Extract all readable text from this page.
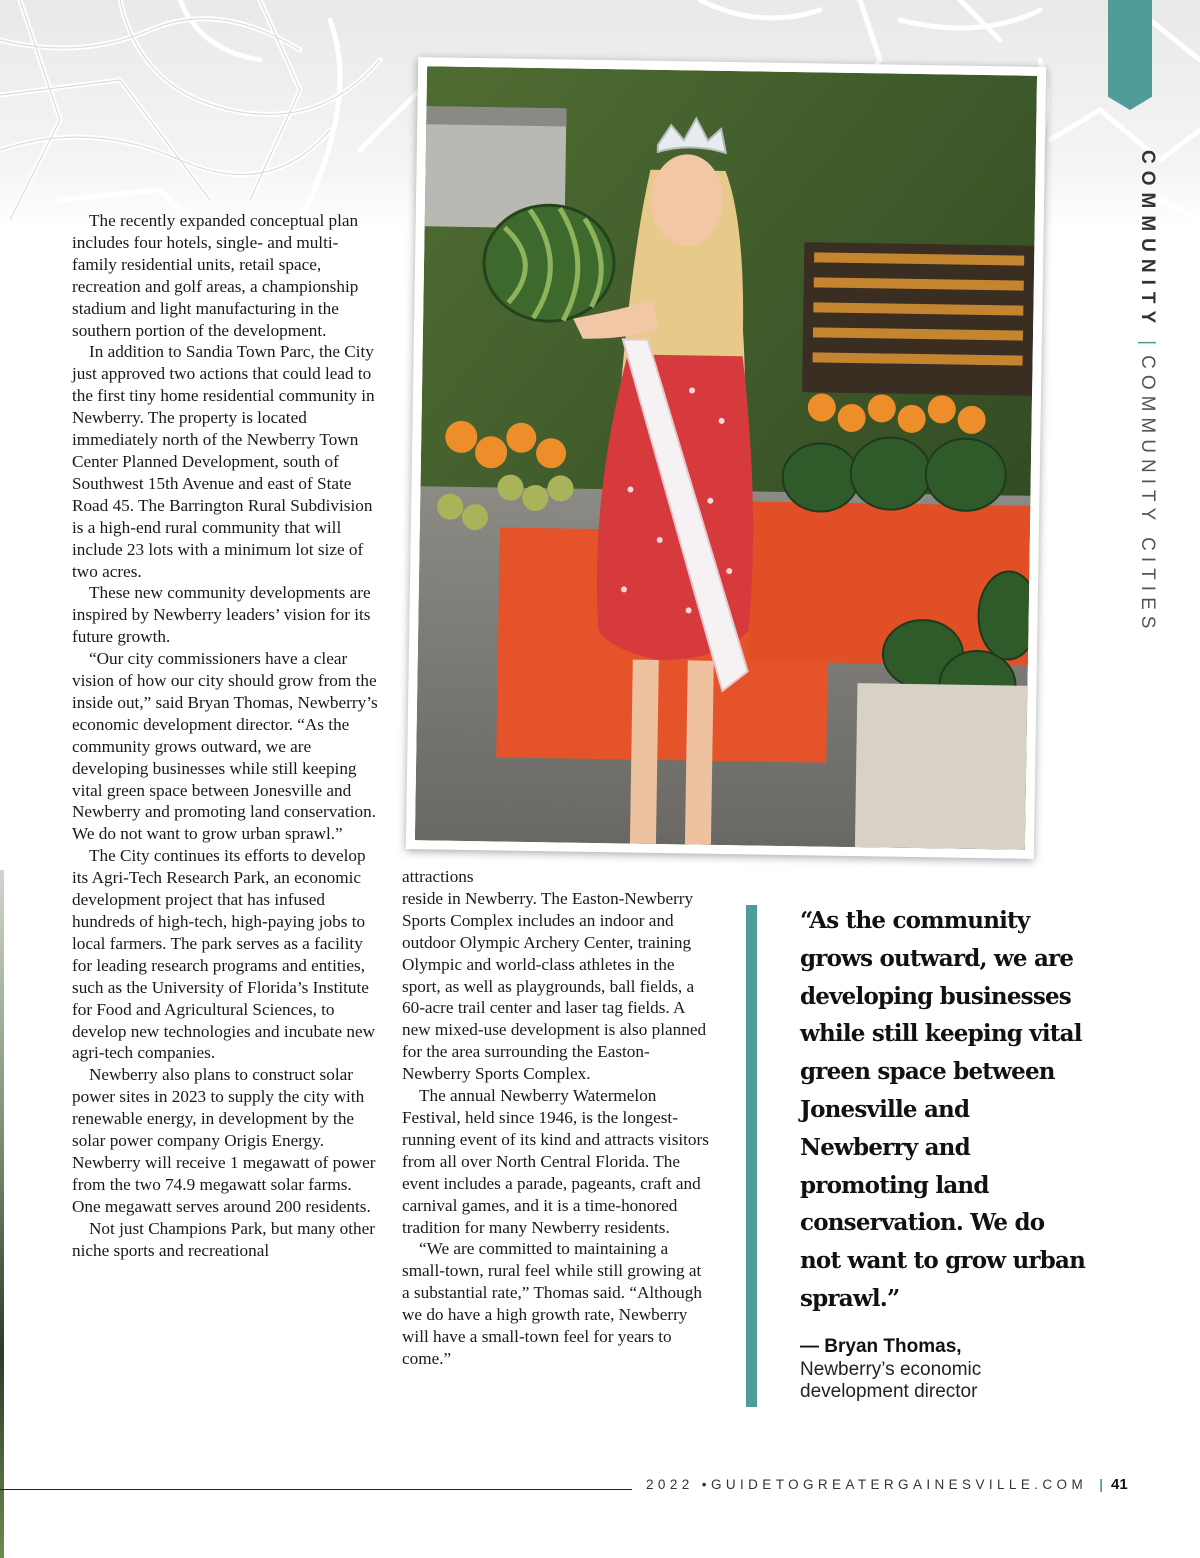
COMMUNITY
|
COMMUNITY CITIES

The recently expanded conceptual plan includes four hotels, single- and multi- family residential units, retail space, recreation and golf areas, a championship stadium and light manufacturing in the southern portion of the development.

In addition to Sandia Town Parc, the City just approved two actions that could lead to the first tiny home residential community in Newberry. The property is located immediately north of the Newberry Town Center Planned Development, south of Southwest 15th Avenue and east of State Road 45. The Barrington Rural Subdivision is a high-end rural community that will include 23 lots with a minimum lot size of two acres.

These new community developments are inspired by Newberry leaders’ vision for its future growth.

“Our city commissioners have a clear vision of how our city should grow from the inside out,” said Bryan Thomas, Newberry’s economic development director. “As the community grows outward, we are developing businesses while still keeping vital green space between Jonesville and Newberry and promoting land conservation. We do not want to grow urban sprawl.”

The City continues its efforts to develop its Agri-Tech Research Park, an economic development project that has infused hundreds of high-tech, high-paying jobs to local farmers. The park serves as a facility for leading research programs and entities, such as the University of Florida’s Institute for Food and Agricultural Sciences, to develop new technologies and incubate new agri-tech companies.

Newberry also plans to construct solar power sites in 2023 to supply the city with renewable energy, in development by the solar power company Origis Energy. Newberry will receive 1 megawatt of power from the two 74.9 megawatt solar farms. One megawatt serves around 200 residents.

Not just Champions Park, but many other niche sports and recreational

attractions

reside in Newberry. The Easton-Newberry Sports Complex includes an indoor and outdoor Olympic Archery Center, training Olympic and world-class athletes in the sport, as well as playgrounds, ball fields, a 60-acre trail center and laser tag fields. A new mixed-use development is also planned for the area surrounding the Easton-Newberry Sports Complex.

The annual Newberry Watermelon Festival, held since 1946, is the longest-running event of its kind and attracts visitors from all over North Central Florida. The event includes a parade, pageants, craft and carnival games, and it is a time-honored tradition for many Newberry residents.

“We are committed to maintaining a small-town, rural feel while still growing at a substantial rate,” Thomas said. “Although we do have a high growth rate, Newberry will have a small-town feel for years to come.”

“As the community grows outward, we are developing businesses while still keeping vital green space between Jonesville and Newberry and promoting land conservation. We do not want to grow urban sprawl.”
— Bryan Thomas,
Newberry’s economic development director
2022 •GUIDETOGREATERGAINESVILLE.COM | 41
